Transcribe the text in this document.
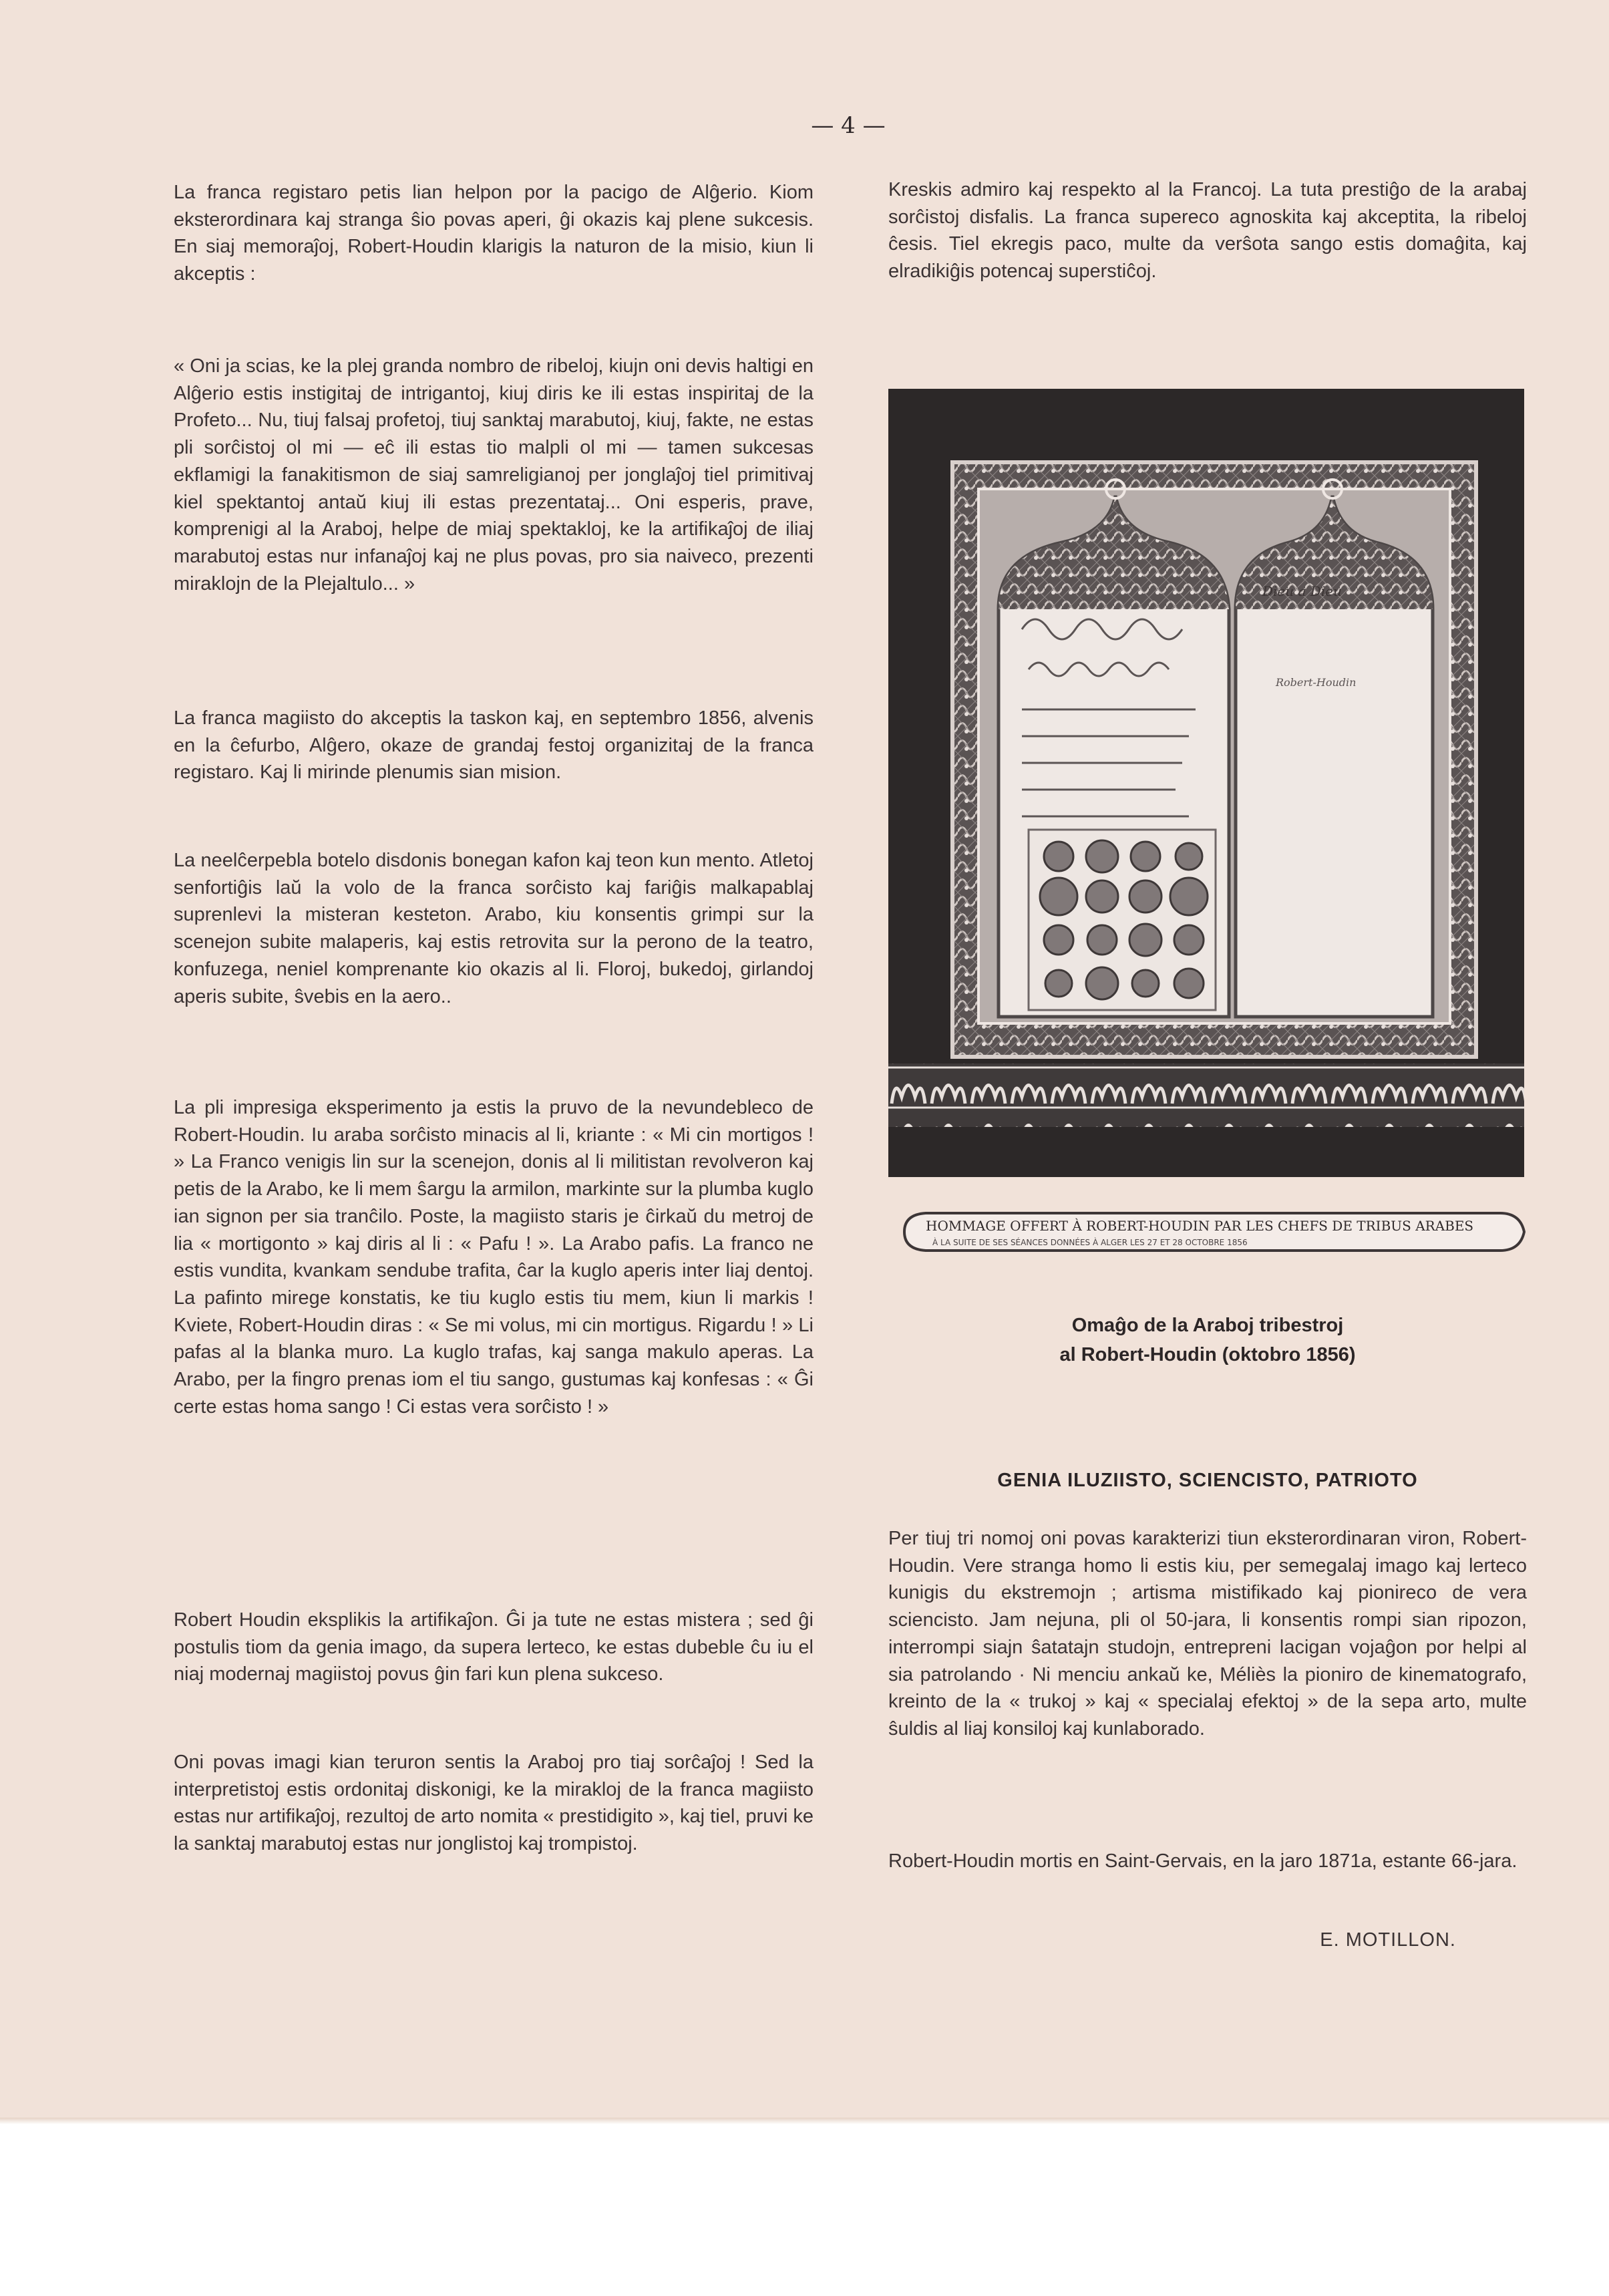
— 4 —

La franca registaro petis lian helpon por la pacigo de Alĝerio. Kiom eksterordinara kaj stranga ŝio povas aperi, ĝi okazis kaj plene sukcesis. En siaj memoraĵoj, Robert-Houdin klarigis la naturon de la misio, kiun li akceptis :

« Oni ja scias, ke la plej granda nombro de ribeloj, kiujn oni devis haltigi en Alĝerio estis instigitaj de intrigantoj, kiuj diris ke ili estas inspiritaj de la Profeto... Nu, tiuj falsaj profetoj, tiuj sanktaj marabutoj, kiuj, fakte, ne estas pli sorĉistoj ol mi — eĉ ili estas tio malpli ol mi — tamen sukcesas ekflamigi la fanakitismon de siaj samreligianoj per jonglaĵoj tiel primitivaj kiel spektantoj antaŭ kiuj ili estas prezentataj... Oni esperis, prave, komprenigi al la Araboj, helpe de miaj spektakloj, ke la artifikaĵoj de iliaj marabutoj estas nur infanaĵoj kaj ne plus povas, pro sia naiveco, prezenti miraklojn de la Plejaltulo... »

La franca magiisto do akceptis la taskon kaj, en septembro 1856, alvenis en la ĉefurbo, Alĝero, okaze de grandaj festoj organizitaj de la franca registaro. Kaj li mirinde plenumis sian mision.

La neelĉerpebla botelo disdonis bonegan kafon kaj teon kun mento. Atletoj senfortiĝis laŭ la volo de la franca sorĉisto kaj fariĝis malkapablaj suprenlevi la misteran kesteton. Arabo, kiu konsentis grimpi sur la scenejon subite malaperis, kaj estis retrovita sur la perono de la teatro, konfuzega, neniel komprenante kio okazis al li. Floroj, bukedoj, girlandoj aperis subite, ŝvebis en la aero..

La pli impresiga eksperimento ja estis la pruvo de la nevundebleco de Robert-Houdin. Iu araba sorĉisto minacis al li, kriante : « Mi cin mortigos ! » La Franco venigis lin sur la scenejon, donis al li militistan revolveron kaj petis de la Arabo, ke li mem ŝargu la armilon, markinte sur la plumba kuglo ian signon per sia tranĉilo. Poste, la magiisto staris je ĉirkaŭ du metroj de lia « mortigonto » kaj diris al li : « Pafu ! ». La Arabo pafis. La franco ne estis vundita, kvankam sendube trafita, ĉar la kuglo aperis inter liaj dentoj. La pafinto mirege konstatis, ke tiu kuglo estis tiu mem, kiun li markis ! Kviete, Robert-Houdin diras : « Se mi volus, mi cin mortigus. Rigardu ! » Li pafas al la blanka muro. La kuglo trafas, kaj sanga makulo aperas. La Arabo, per la fingro prenas iom el tiu sango, gustumas kaj konfesas : « Ĝi certe estas homa sango ! Ci estas vera sorĉisto ! »

Robert Houdin eksplikis la artifikaĵon. Ĝi ja tute ne estas mistera ; sed ĝi postulis tiom da genia imago, da supera lerteco, ke estas dubeble ĉu iu el niaj modernaj magiistoj povus ĝin fari kun plena sukceso.

Oni povas imagi kian teruron sentis la Araboj pro tiaj sorĉaĵoj ! Sed la interpretistoj estis ordonitaj diskonigi, ke la mirakloj de la franca magiisto estas nur artifikaĵoj, rezultoj de arto nomita « prestidigito », kaj tiel, pruvi ke la sanktaj marabutoj estas nur jonglistoj kaj trompistoj.

Kreskis admiro kaj respekto al la Francoj. La tuta prestiĝo de la arabaj sorĉistoj disfalis. La franca supereco agnoskita kaj akceptita, la ribeloj ĉesis. Tiel ekregis paco, multe da verŝota sango estis domaĝita, kaj elradikiĝis potencaj superstiĉoj.

Dieu a Dieu
Robert-Houdin
HOMMAGE OFFERT À ROBERT-HOUDIN PAR LES CHEFS DE TRIBUS ARABES
À LA SUITE DE SES SÉANCES DONNÉES À ALGER LES 27 ET 28 OCTOBRE 1856
Omaĝo de la Araboj tribestroj
al Robert-Houdin (oktobro 1856)
GENIA ILUZIISTO, SCIENCISTO, PATRIOTO

Per tiuj tri nomoj oni povas karakterizi tiun eksterordinaran viron, Robert-Houdin. Vere stranga homo li estis kiu, per semegalaj imago kaj lerteco kunigis du ekstremojn ; artisma mistifikado kaj pionireco de vera sciencisto. Jam nejuna, pli ol 50-jara, li konsentis rompi sian ripozon, interrompi siajn ŝatatajn studojn, entrepreni lacigan vojaĝon por helpi al sia patrolando · Ni menciu ankaŭ ke, Méliès la pioniro de kinematografo, kreinto de la « trukoj » kaj « specialaj efektoj » de la sepa arto, multe ŝuldis al liaj konsiloj kaj kunlaborado.

Robert-Houdin mortis en Saint-Gervais, en la jaro 1871a, estante 66-jara.

E. MOTILLON.
